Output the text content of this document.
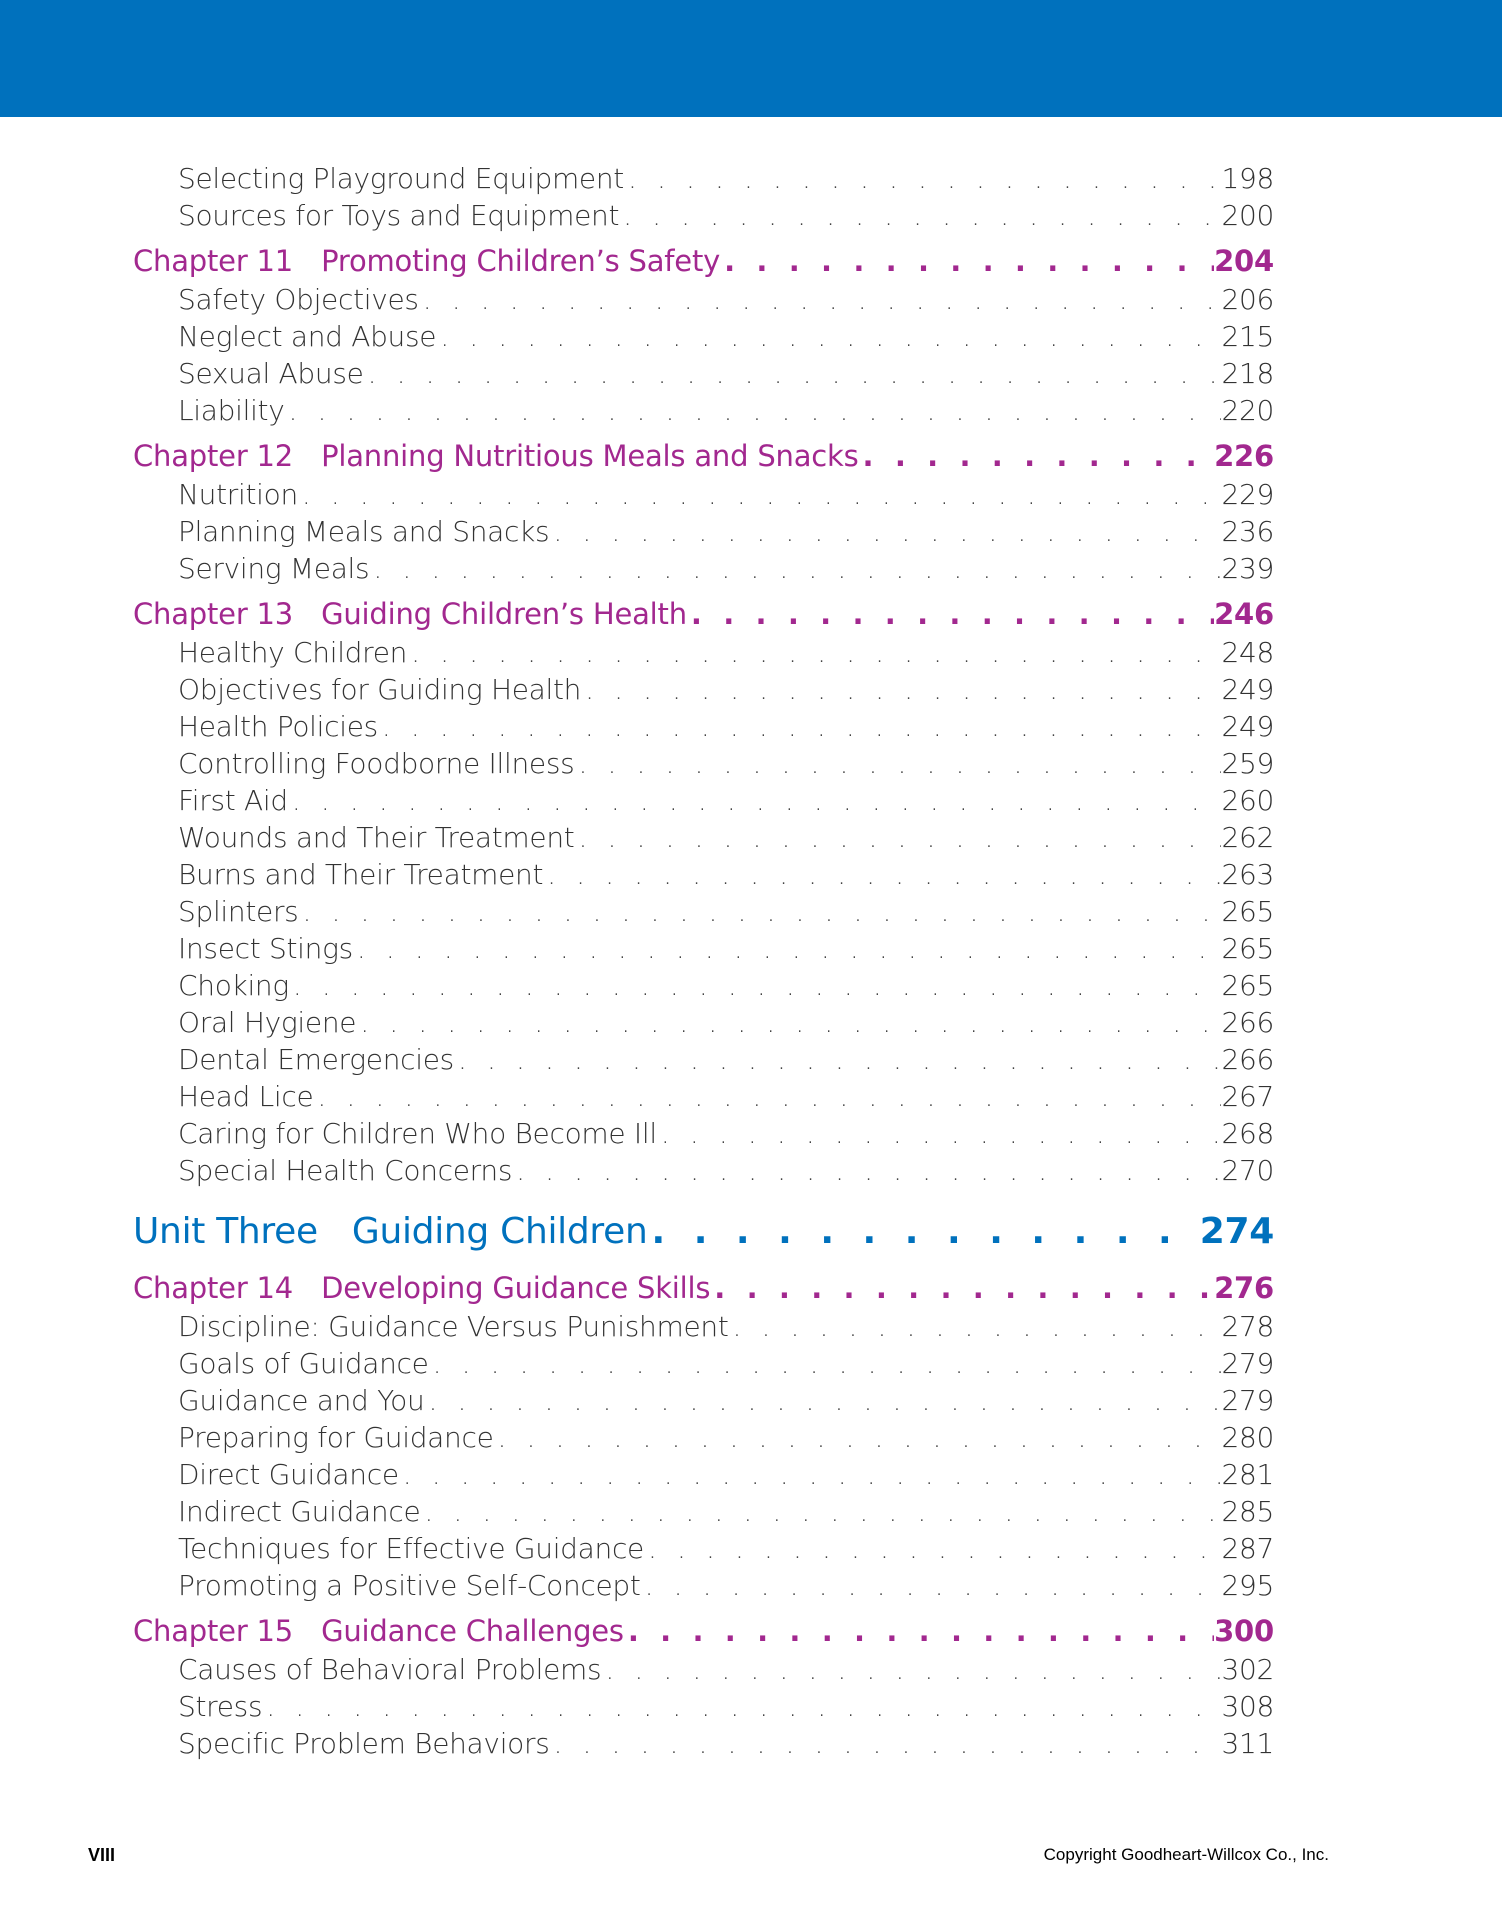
Selecting Playground Equipment . . .	198
Sources for Toys and Equipment . . .	200
Chapter 11 Promoting Children’s Safety . . .	204
Safety Objectives . . .	206
Neglect and Abuse . . .	215
Sexual Abuse . . .	218
Liability . . .	220
Chapter 12 Planning Nutritious Meals and Snacks . . .	226
Nutrition . . .	229
Planning Meals and Snacks . . .	236
Serving Meals . . .	239
Chapter 13 Guiding Children’s Health . . .	246
Healthy Children . . .	248
Objectives for Guiding Health . . .	249
Health Policies . . .	249
Controlling Foodborne Illness . . .	259
First Aid . . .	260
Wounds and Their Treatment . . .	262
Burns and Their Treatment . . .	263
Splinters . . .	265
Insect Stings . . .	265
Choking . . .	265
Oral Hygiene . . .	266
Dental Emergencies . . .	266
Head Lice . . .	267
Caring for Children Who Become Ill . . .	268
Special Health Concerns . . .	270
Unit Three Guiding Children . . .	274
Chapter 14 Developing Guidance Skills . . .	276
Discipline: Guidance Versus Punishment . . .	278
Goals of Guidance . . .	279
Guidance and You . . .	279
Preparing for Guidance . . .	280
Direct Guidance . . .	281
Indirect Guidance . . .	285
Techniques for Effective Guidance . . .	287
Promoting a Positive Self-Concept . . .	295
Chapter 15 Guidance Challenges . . .	300
Causes of Behavioral Problems . . .	302
Stress . . .	308
Specific Problem Behaviors . . .	311
VIII	Copyright Goodheart-Willcox Co., Inc.
